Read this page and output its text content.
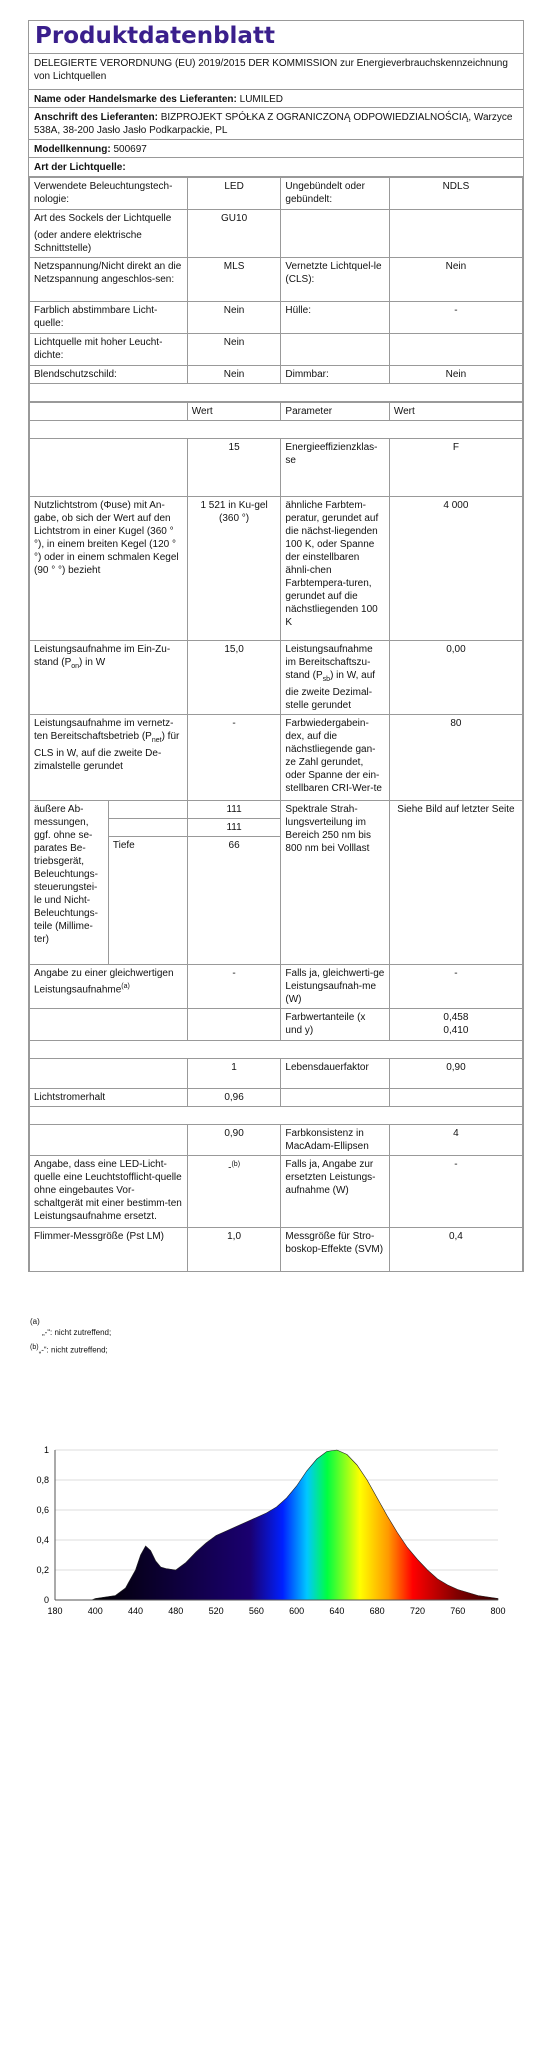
Produktdatenblatt
DELEGIERTE VERORDNUNG (EU) 2019/2015 DER KOMMISSION zur Energieverbrauchskennzeichnung von Lichtquellen
Name oder Handelsmarke des Lieferanten: LUMILED
Anschrift des Lieferanten: BIZPROJEKT SPÓŁKA Z OGRANICZONĄ ODPOWIEDZIALNOŚCIĄ, Warzyce 538A, 38-200 Jasło Jasło Podkarpackie, PL
Modellkennung: 500697
Art der Lichtquelle:
Verwendete Beleuchtungstech-nologie:	LED	Ungebündelt oder gebündelt:	NDLS

Art des Sockels der Lichtquelle
(oder andere elektrische Schnittstelle)	GU10		
Netzspannung/Nicht direkt an die Netzspannung angeschlos-sen:	MLS	Vernetzte Lichtquel-le (CLS):	Nein
Farblich abstimmbare Licht-quelle:	Nein	Hülle:	-
Lichtquelle mit hoher Leucht-dichte:	Nein		
Blendschutzschild:	Nein	Dimmbar:	Nein

		Wert	Parameter	Wert

		15	Energieeffizienzklas-se	F
Nutzlichtstrom (Φuse) mit An-gabe, ob sich der Wert auf den Lichtstrom in einer Kugel (360 ° °), in einem breiten Kegel (120 ° °) oder in einem schmalen Kegel (90 ° °) bezieht		1 521 in Ku-gel (360 °)	ähnliche Farbtem-peratur, gerundet auf die nächst-liegenden 100 K, oder Spanne der einstellbaren ähnli-chen Farbtempera-turen, gerundet auf die nächstliegenden 100 K	4 000
Leistungsaufnahme im Ein-Zu-stand $(P_{on})$ in W		15,0	Leistungsaufnahme im Bereitschaftszu-stand $(P_{sb})$ in W, auf die zweite Dezimal-stelle gerundet	0,00
Leistungsaufnahme im vernetz-ten Bereitschaftsbetrieb $(P_{net})$ für CLS in W, auf die zweite De-zimalstelle gerundet		-	Farbwiedergabein-dex, auf die nächstliegende gan-ze Zahl gerundet, oder Spanne der ein-stellbaren CRI-Wer-te	80
äußere Ab-messungen, ggf. ohne se-parates Be-triebsgerät, Beleuchtungs-steuerungstei-le und Nicht-Beleuchtungs-teile (Millime-ter)		111	Spektrale Strah-lungsverteilung im Bereich 250 nm bis 800 nm bei Volllast	Siehe Bild auf letzter Seite
		111		
	Tiefe	66		
Angabe zu einer gleichwertigen Leistungsaufnahme$^{(a)}$		-	Falls ja, gleichwerti-ge Leistungsaufnah-me (W)	-
			Farbwertanteile (x und y)	0,458
0,410

		1	Lebensdauerfaktor	0,90
Lichtstromerhalt		0,96		

		0,90	Farbkonsistenz in MacAdam-Ellipsen	4
Angabe, dass eine LED-Licht-quelle eine Leuchtstofflicht-quelle ohne eingebautes Vor-schaltgerät mit einer bestimm-ten Leistungsaufnahme ersetzt.		-$^{(b)}$	Falls ja, Angabe zur ersetzten Leistungs-aufnahme (W)	-
Flimmer-Messgröße (Pst LM)		1,0	Messgröße für Stro-boskop-Effekte (SVM)	0,4
(a)
„-“: nicht zutreffend;
$^{(b)}$„-“: nicht zutreffend;
180	400	440	480	520	560	600	640	680	720	760	800
0
0,2
0,4
0,6
0,8
1
